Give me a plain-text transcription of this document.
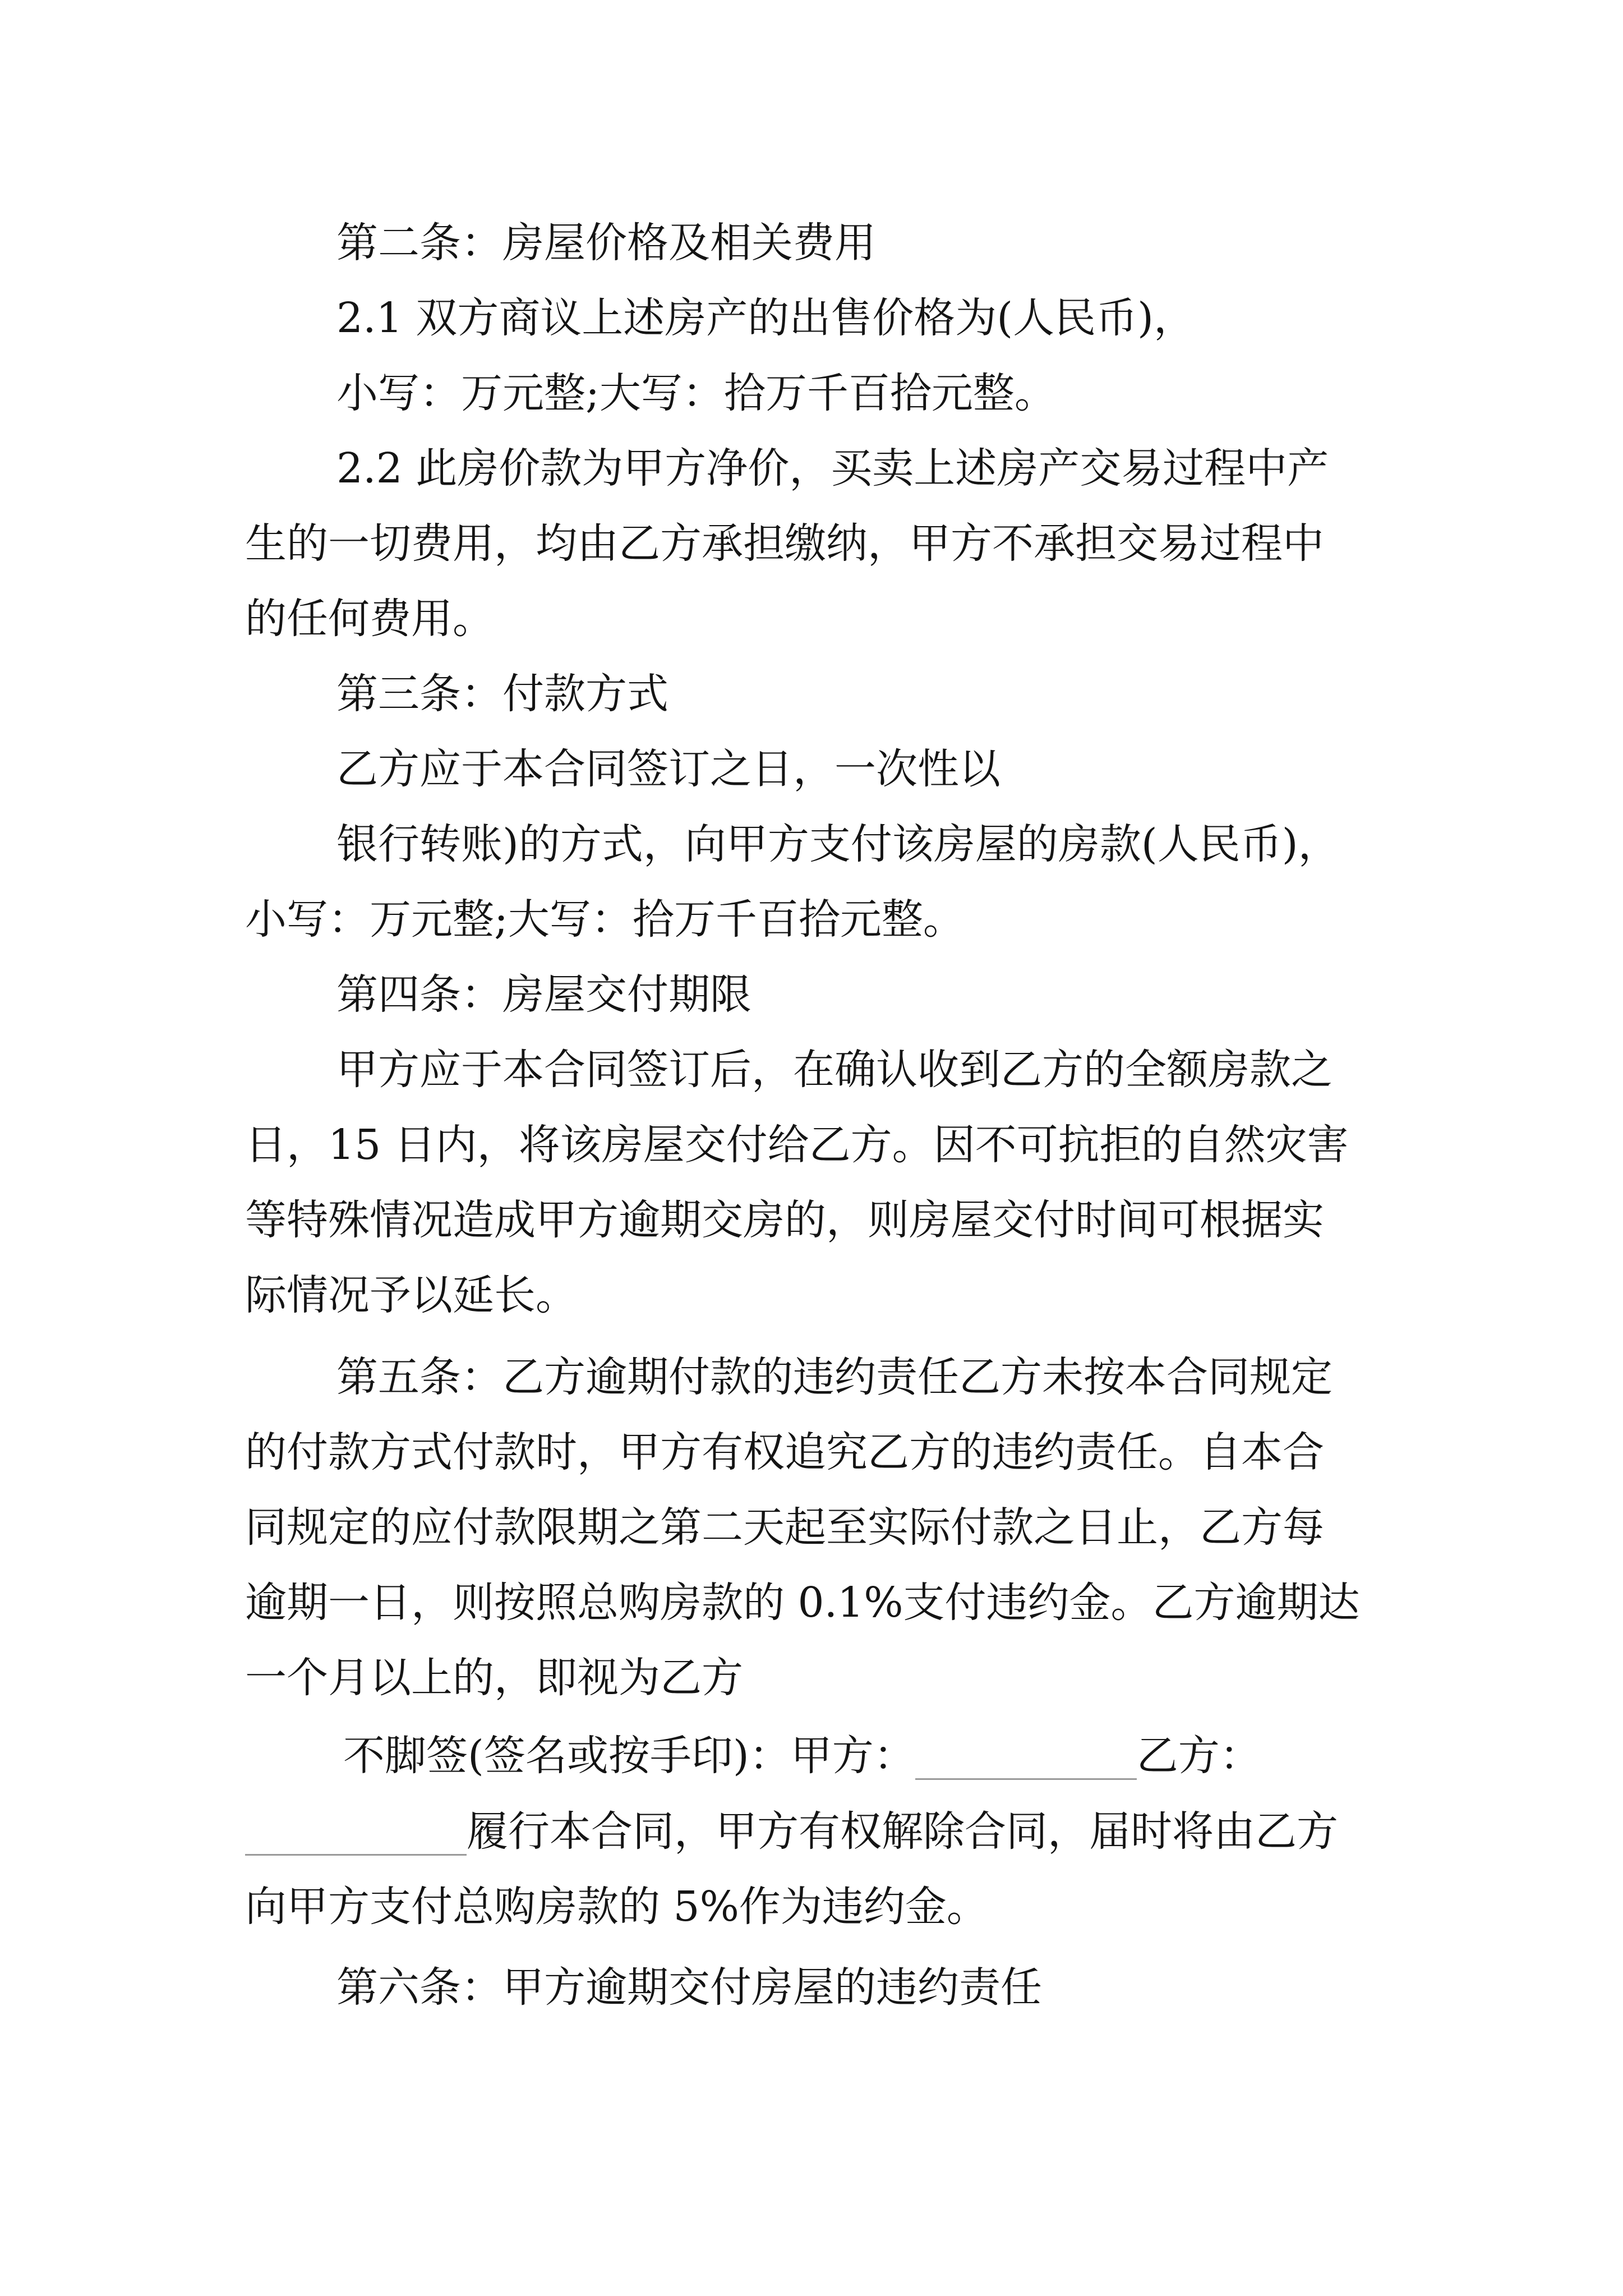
第二条：房屋价格及相关费用
2.1 双方商议上述房产的出售价格为(人民币)，
小写：万元整;大写：拾万千百拾元整。
2.2 此房价款为甲方净价，买卖上述房产交易过程中产
生的一切费用，均由乙方承担缴纳，甲方不承担交易过程中
的任何费用。
第三条：付款方式
乙方应于本合同签订之日，一次性以
银行转账)的方式，向甲方支付该房屋的房款(人民币)，
小写：万元整;大写：拾万千百拾元整。
第四条：房屋交付期限
甲方应于本合同签订后，在确认收到乙方的全额房款之
日，15 日内，将该房屋交付给乙方。因不可抗拒的自然灾害
等特殊情况造成甲方逾期交房的，则房屋交付时间可根据实
际情况予以延长。
第五条：乙方逾期付款的违约责任乙方未按本合同规定
的付款方式付款时，甲方有权追究乙方的违约责任。自本合
同规定的应付款限期之第二天起至实际付款之日止，乙方每
逾期一日，则按照总购房款的 0.1%支付违约金。乙方逾期达
一个月以上的，即视为乙方
不脚签(签名或按手印)：甲方：	乙方：
履行本合同，甲方有权解除合同，届时将由乙方
向甲方支付总购房款的 5%作为违约金。
第六条：甲方逾期交付房屋的违约责任
